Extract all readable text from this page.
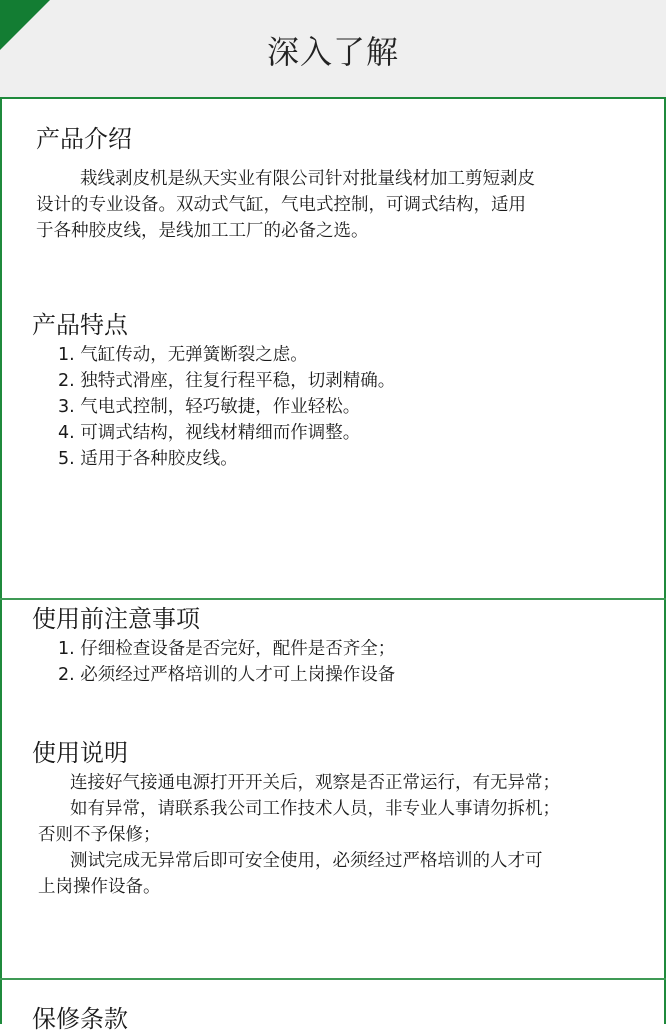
深入了解
产品介绍

栽线剥皮机是纵天实业有限公司针对批量线材加工剪短剥皮

设计的专业设备。双动式气缸，气电式控制，可调式结构，适用

于各种胶皮线，是线加工工厂的必备之选。

产品特点
1. 气缸传动，无弹簧断裂之虑。
2. 独特式滑座，往复行程平稳，切剥精确。
3. 气电式控制，轻巧敏捷，作业轻松。
4. 可调式结构，视线材精细而作调整。
5. 适用于各种胶皮线。
使用前注意事项
1. 仔细检查设备是否完好，配件是否齐全；
2. 必须经过严格培训的人才可上岗操作设备
使用说明

连接好气接通电源打开开关后，观察是否正常运行，有无异常；

如有异常，请联系我公司工作技术人员，非专业人事请勿拆机；

否则不予保修；

测试完成无异常后即可安全使用，必须经过严格培训的人才可

上岗操作设备。

保修条款
